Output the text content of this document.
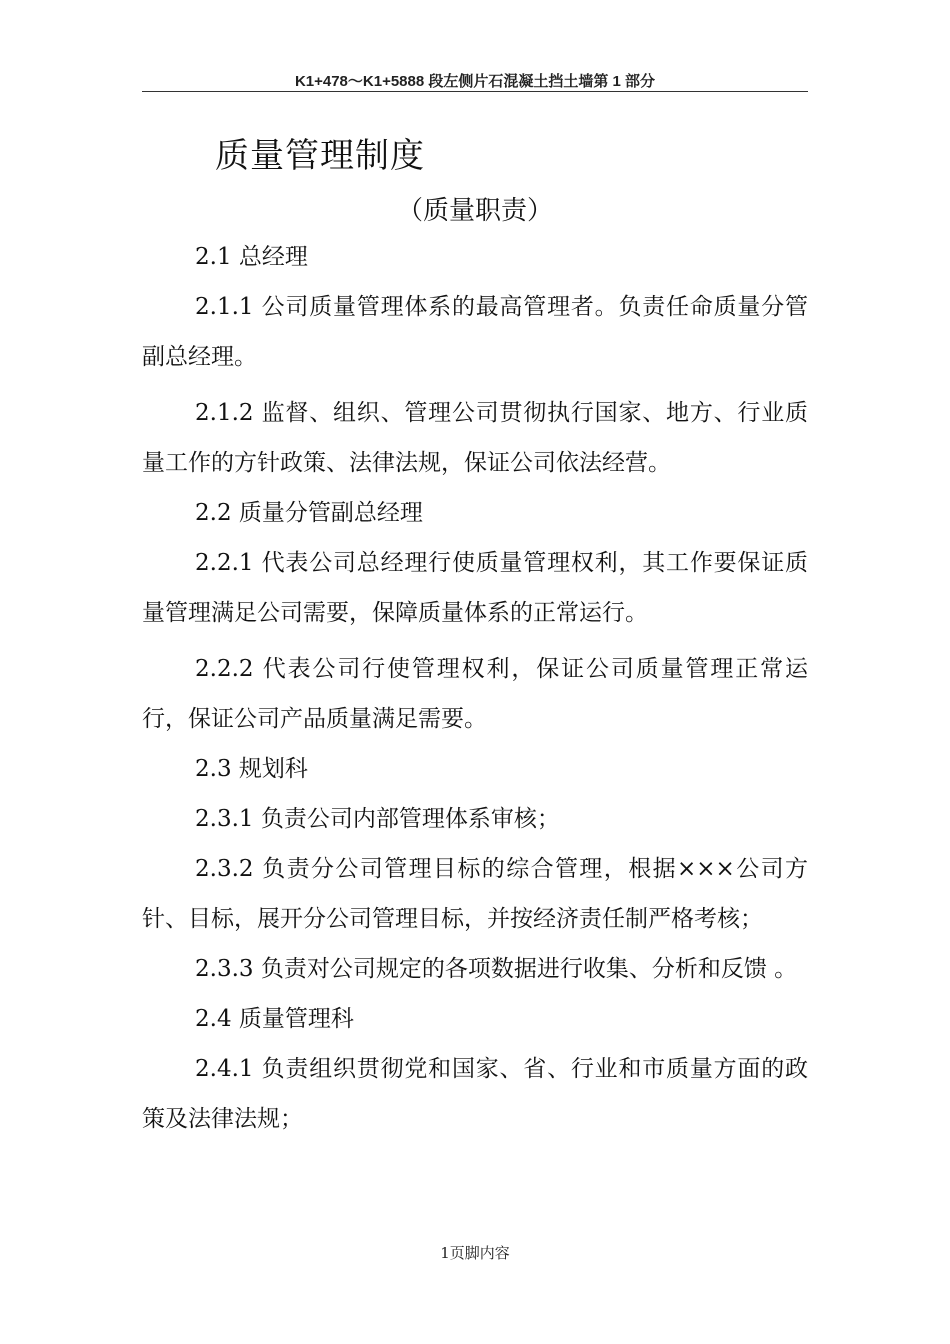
K1+478～K1+5888 段左侧片石混凝土挡土墙第 1 部分
质量管理制度
（质量职责）

2.1 总经理

2.1.1 公司质量管理体系的最高管理者。负责任命质量分管副总经理。

2.1.2 监督、组织、管理公司贯彻执行国家、地方、行业质量工作的方针政策、法律法规，保证公司依法经营。

2.2 质量分管副总经理

2.2.1 代表公司总经理行使质量管理权利，其工作要保证质量管理满足公司需要，保障质量体系的正常运行。

2.2.2 代表公司行使管理权利，保证公司质量管理正常运行，保证公司产品质量满足需要。

2.3 规划科

2.3.1 负责公司内部管理体系审核；

2.3.2 负责分公司管理目标的综合管理，根据×××公司方针、目标，展开分公司管理目标，并按经济责任制严格考核；

2.3.3 负责对公司规定的各项数据进行收集、分析和反馈 。

2.4 质量管理科

2.4.1 负责组织贯彻党和国家、省、行业和市质量方面的政策及法律法规；

1页脚内容
